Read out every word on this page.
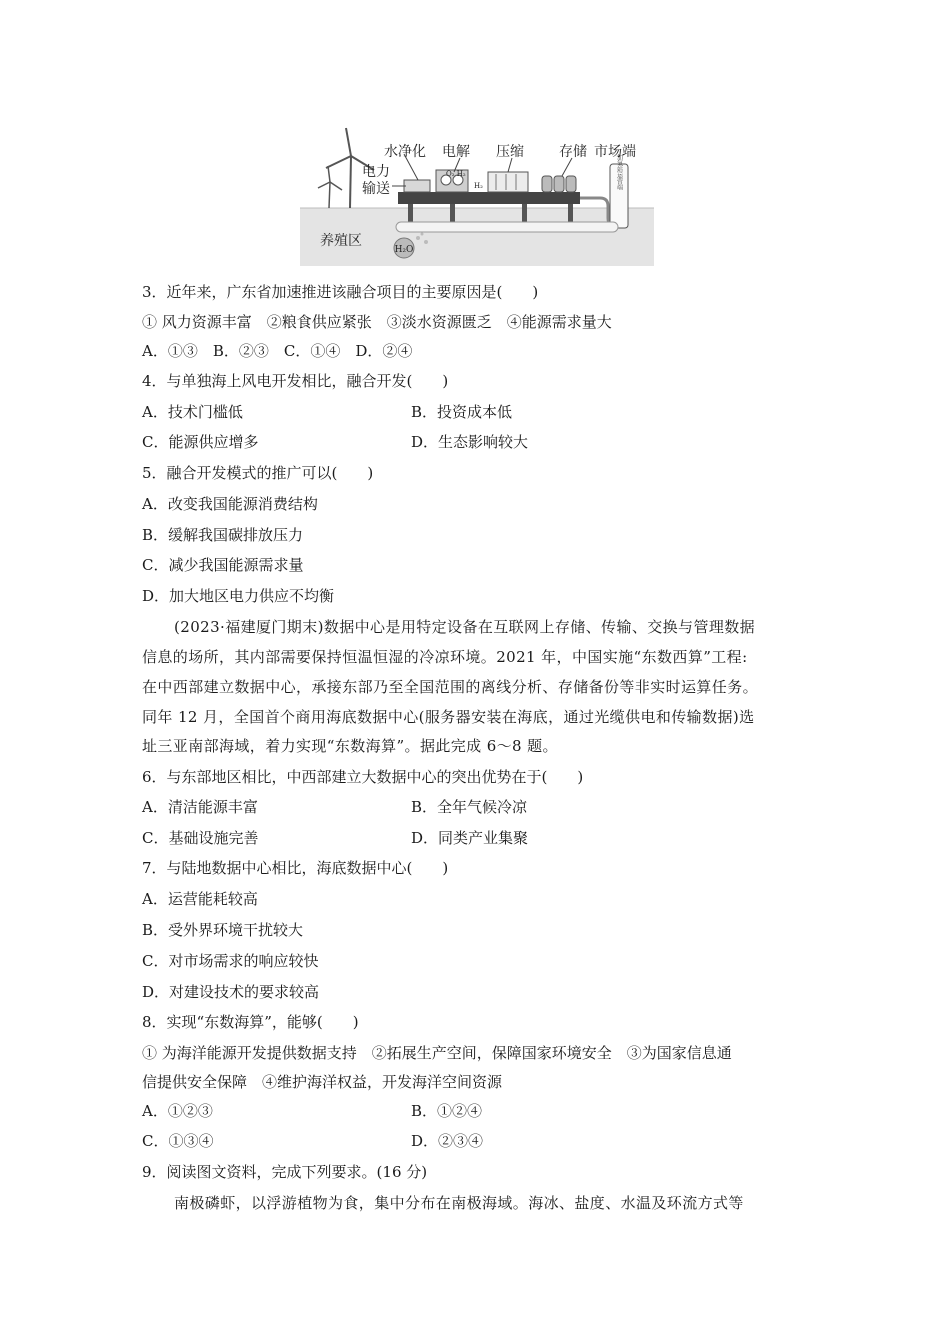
加氢站运营端
H₂O
水净化 电解 压缩	存储 市场端
电力
输送
O₂ H₂
H₂
养殖区
3．近年来，广东省加速推进该融合项目的主要原因是(　　)
① 风力资源丰富　②粮食供应紧张　③淡水资源匮乏　④能源需求量大
A．①③　B．②③　C．①④　D．②④
4．与单独海上风电开发相比，融合开发(　　)
A．技术门槛低	B．投资成本低
C．能源供应增多	D．生态影响较大
5．融合开发模式的推广可以(　　)
A．改变我国能源消费结构
B．缓解我国碳排放压力
C．减少我国能源需求量
D．加大地区电力供应不均衡
(2023·福建厦门期末)数据中心是用特定设备在互联网上存储、传输、交换与管理数据
信息的场所，其内部需要保持恒温恒湿的冷凉环境。2021 年，中国实施“东数西算”工程:
在中西部建立数据中心，承接东部乃至全国范围的离线分析、存储备份等非实时运算任务。
同年 12 月，全国首个商用海底数据中心(服务器安装在海底，通过光缆供电和传输数据)选
址三亚南部海域，着力实现“东数海算”。据此完成 6～8 题。
6．与东部地区相比，中西部建立大数据中心的突出优势在于(　　)
A．清洁能源丰富	B．全年气候冷凉
C．基础设施完善	D．同类产业集聚
7．与陆地数据中心相比，海底数据中心(　　)
A．运营能耗较高
B．受外界环境干扰较大
C．对市场需求的响应较快
D．对建设技术的要求较高
8．实现“东数海算”，能够(　　)
① 为海洋能源开发提供数据支持　②拓展生产空间，保障国家环境安全　③为国家信息通
信提供安全保障　④维护海洋权益，开发海洋空间资源
A．①②③	B．①②④
C．①③④	D．②③④
9．阅读图文资料，完成下列要求。(16 分)
南极磷虾，以浮游植物为食，集中分布在南极海域。海冰、盐度、水温及环流方式等
